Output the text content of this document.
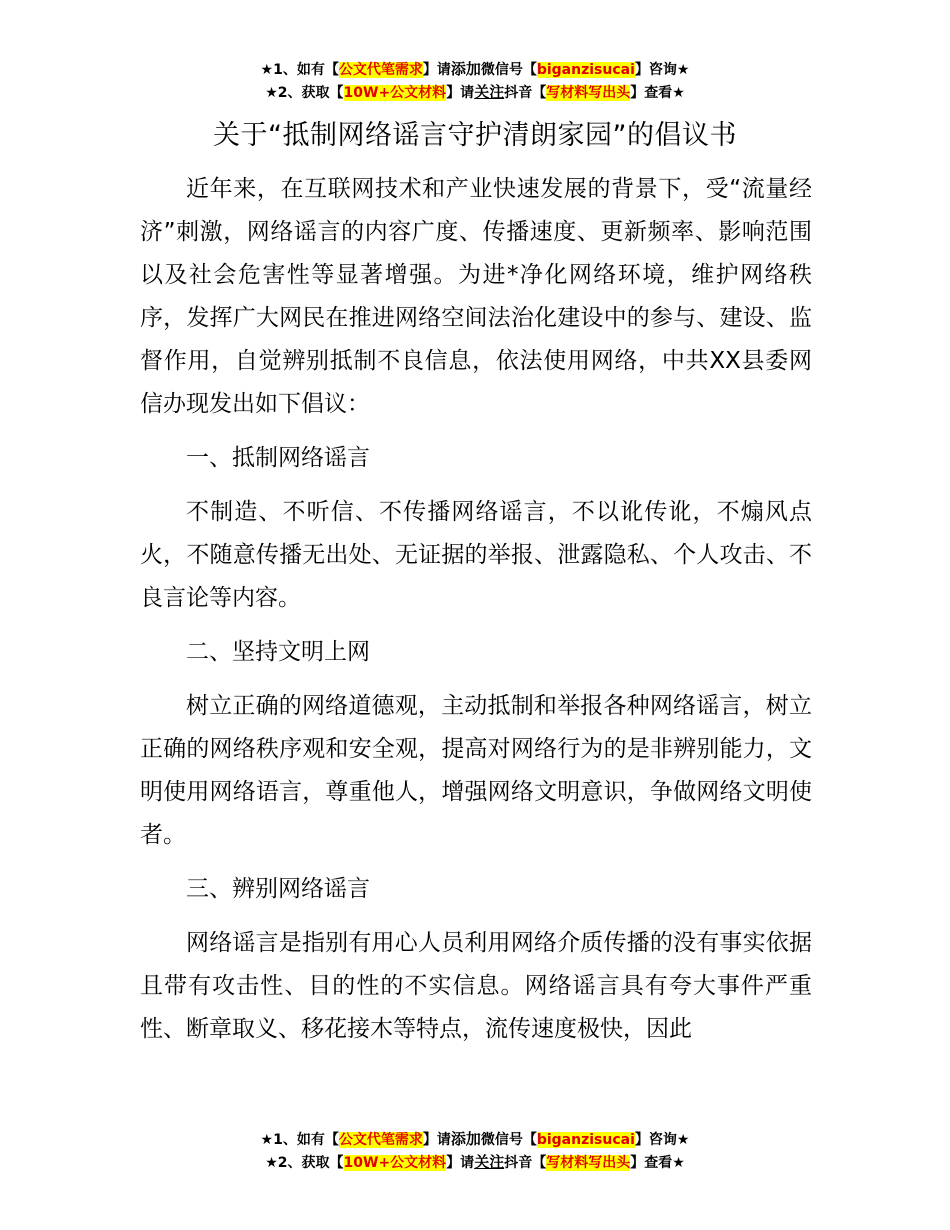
★1、如有【公文代笔需求】请添加微信号【biganzisucai】咨询★
★2、获取【10W+公文材料】请关注抖音【写材料写出头】查看★
关于“抵制网络谣言守护清朗家园”的倡议书

近年来，在互联网技术和产业快速发展的背景下，受“流量经济”刺激，网络谣言的内容广度、传播速度、更新频率、影响范围以及社会危害性等显著增强。为进*净化网络环境，维护网络秩序，发挥广大网民在推进网络空间法治化建设中的参与、建设、监督作用，自觉辨别抵制不良信息，依法使用网络，中共XX县委网信办现发出如下倡议：

一、抵制网络谣言

不制造、不听信、不传播网络谣言，不以讹传讹，不煽风点火，不随意传播无出处、无证据的举报、泄露隐私、个人攻击、不良言论等内容。

二、坚持文明上网

树立正确的网络道德观，主动抵制和举报各种网络谣言，树立正确的网络秩序观和安全观，提高对网络行为的是非辨别能力，文明使用网络语言，尊重他人，增强网络文明意识，争做网络文明使者。

三、辨别网络谣言

网络谣言是指别有用心人员利用网络介质传播的没有事实依据且带有攻击性、目的性的不实信息。网络谣言具有夸大事件严重性、断章取义、移花接木等特点，流传速度极快，因此

★1、如有【公文代笔需求】请添加微信号【biganzisucai】咨询★
★2、获取【10W+公文材料】请关注抖音【写材料写出头】查看★
